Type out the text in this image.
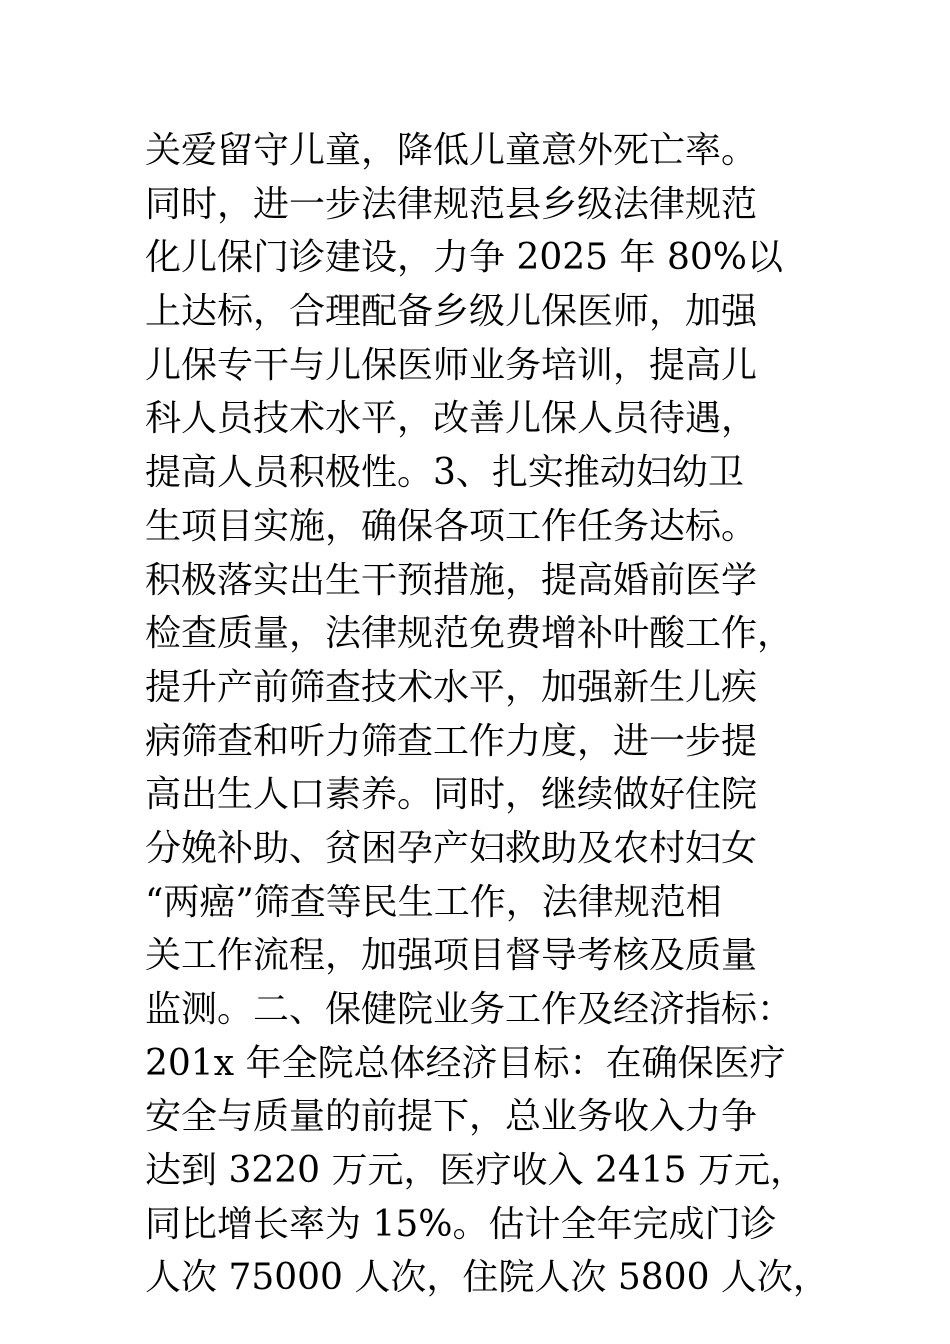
关爱留守儿童，降低儿童意外死亡率。
同时，进一步法律规范县乡级法律规范
化儿保门诊建设，力争 2025 年 80%以
上达标，合理配备乡级儿保医师，加强
儿保专干与儿保医师业务培训，提高儿
科人员技术水平，改善儿保人员待遇，
提高人员积极性。3、扎实推动妇幼卫
生项目实施，确保各项工作任务达标。
积极落实出生干预措施，提高婚前医学
检查质量，法律规范免费增补叶酸工作，
提升产前筛查技术水平，加强新生儿疾
病筛查和听力筛查工作力度，进一步提
高出生人口素养。同时，继续做好住院
分娩补助、贫困孕产妇救助及农村妇女
“两癌”筛查等民生工作，法律规范相
关工作流程，加强项目督导考核及质量
监测。二、保健院业务工作及经济指标：
201x 年全院总体经济目标：在确保医疗
安全与质量的前提下，总业务收入力争
达到 3220 万元，医疗收入 2415 万元，
同比增长率为 15%。估计全年完成门诊
人次 75000 人次，住院人次 5800 人次，
